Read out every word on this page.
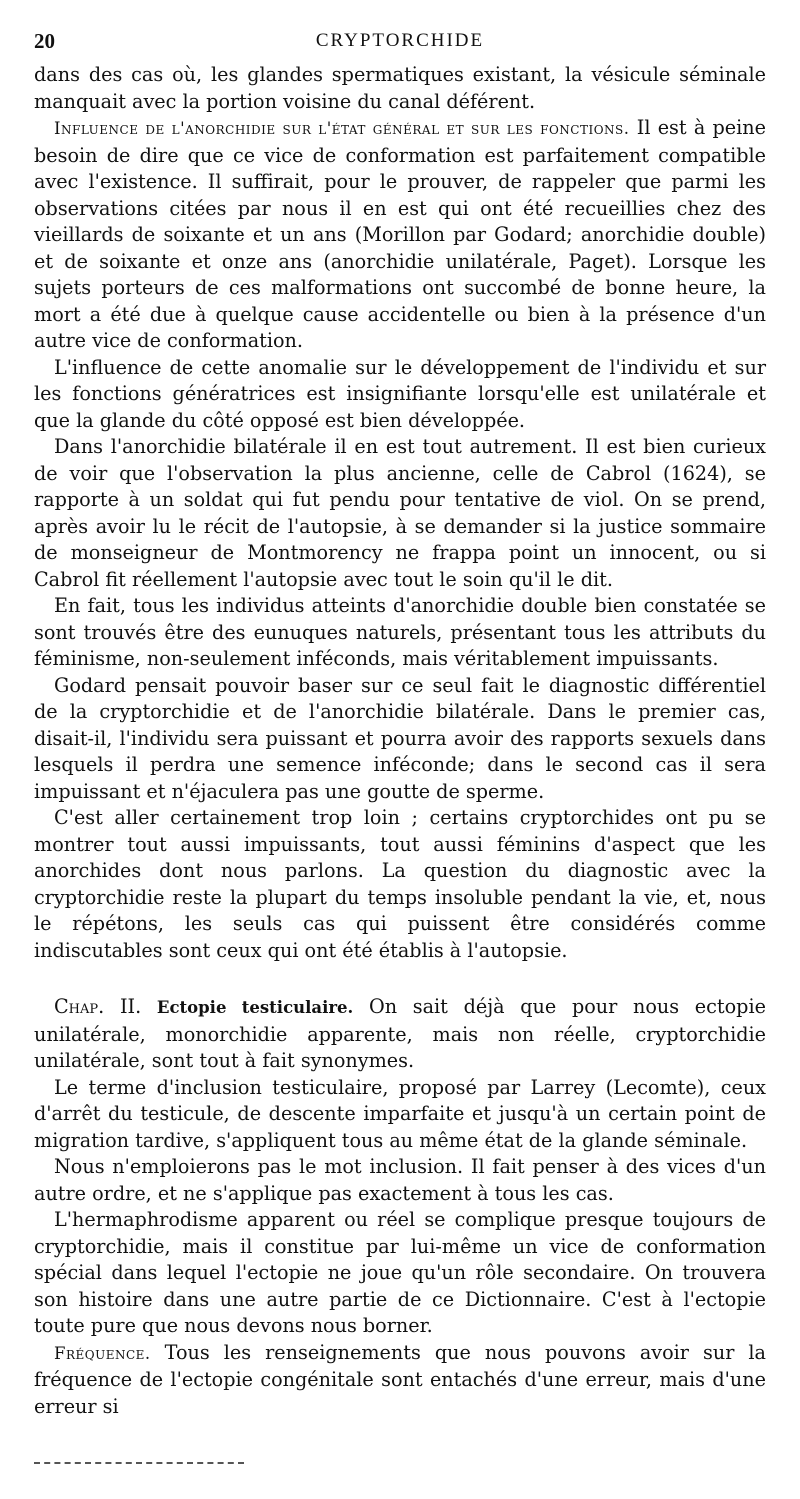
20	CRYPTORCHIDE

dans des cas où, les glandes spermatiques existant, la vésicule séminale manquait avec la portion voisine du canal déférent.

Influence de l'anorchidie sur l'état général et sur les fonctions. Il est à peine besoin de dire que ce vice de conformation est parfaitement compatible avec l'existence. Il suffirait, pour le prouver, de rappeler que parmi les observations citées par nous il en est qui ont été recueillies chez des vieillards de soixante et un ans (Morillon par Godard; anorchidie double) et de soixante et onze ans (anorchidie unilatérale, Paget). Lorsque les sujets porteurs de ces malformations ont succombé de bonne heure, la mort a été due à quelque cause accidentelle ou bien à la présence d'un autre vice de conformation.

L'influence de cette anomalie sur le développement de l'individu et sur les fonctions génératrices est insignifiante lorsqu'elle est unilatérale et que la glande du côté opposé est bien développée.

Dans l'anorchidie bilatérale il en est tout autrement. Il est bien curieux de voir que l'observation la plus ancienne, celle de Cabrol (1624), se rapporte à un soldat qui fut pendu pour tentative de viol. On se prend, après avoir lu le récit de l'autopsie, à se demander si la justice sommaire de monseigneur de Montmorency ne frappa point un innocent, ou si Cabrol fit réellement l'autopsie avec tout le soin qu'il le dit.

En fait, tous les individus atteints d'anorchidie double bien constatée se sont trouvés être des eunuques naturels, présentant tous les attributs du féminisme, non-seulement inféconds, mais véritablement impuissants.

Godard pensait pouvoir baser sur ce seul fait le diagnostic différentiel de la cryptorchidie et de l'anorchidie bilatérale. Dans le premier cas, disait-il, l'individu sera puissant et pourra avoir des rapports sexuels dans lesquels il perdra une semence inféconde; dans le second cas il sera impuissant et n'éjaculera pas une goutte de sperme.

C'est aller certainement trop loin ; certains cryptorchides ont pu se montrer tout aussi impuissants, tout aussi féminins d'aspect que les anorchides dont nous parlons. La question du diagnostic avec la cryptorchidie reste la plupart du temps insoluble pendant la vie, et, nous le répétons, les seuls cas qui puissent être considérés comme indiscutables sont ceux qui ont été établis à l'autopsie.

Chap. II. Ectopie testiculaire. On sait déjà que pour nous ectopie unilatérale, monorchidie apparente, mais non réelle, cryptorchidie unilatérale, sont tout à fait synonymes.

Le terme d'inclusion testiculaire, proposé par Larrey (Lecomte), ceux d'arrêt du testicule, de descente imparfaite et jusqu'à un certain point de migration tardive, s'appliquent tous au même état de la glande séminale.

Nous n'emploierons pas le mot inclusion. Il fait penser à des vices d'un autre ordre, et ne s'applique pas exactement à tous les cas.

L'hermaphrodisme apparent ou réel se complique presque toujours de cryptorchidie, mais il constitue par lui-même un vice de conformation spécial dans lequel l'ectopie ne joue qu'un rôle secondaire. On trouvera son histoire dans une autre partie de ce Dictionnaire. C'est à l'ectopie toute pure que nous devons nous borner.

Fréquence. Tous les renseignements que nous pouvons avoir sur la fréquence de l'ectopie congénitale sont entachés d'une erreur, mais d'une erreur si
